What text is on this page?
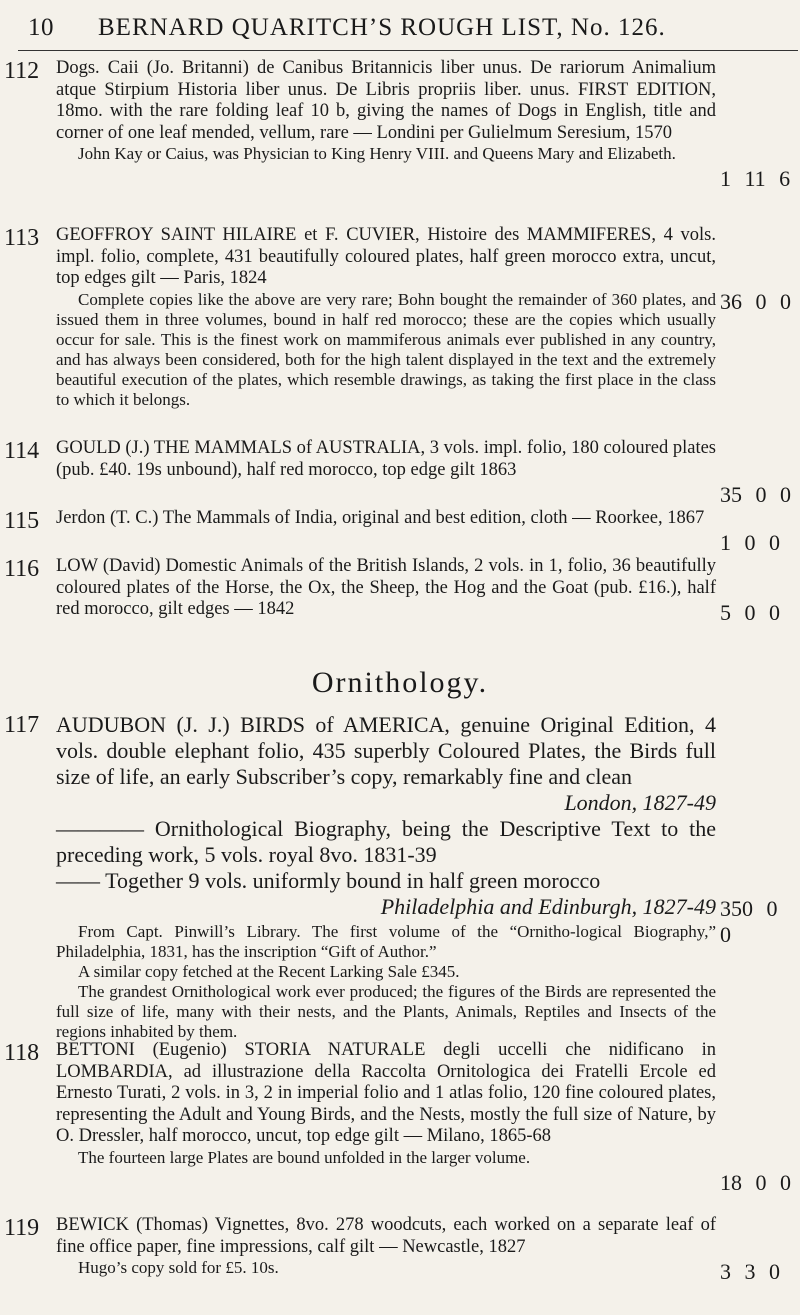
10 BERNARD QUARITCH’S ROUGH LIST, No. 126.
112 Dogs. Caii (Jo. Britanni) de Canibus Britannicis liber unus. De rariorum Animalium atque Stirpium Historia liber unus. De Libris propriis liber. unus. FIRST EDITION, 18mo. with the rare folding leaf 10 b, giving the names of Dogs in English, title and corner of one leaf mended, vellum, rare — Londini per Gulielmum Seresium, 1570
John Kay or Caius, was Physician to King Henry VIII. and Queens Mary and Elizabeth.
1 11 6
113 GEOFFROY SAINT HILAIRE et F. CUVIER, Histoire des MAMMIFERES, 4 vols. impl. folio, complete, 431 beautifully coloured plates, half green morocco extra, uncut, top edges gilt — Paris, 1824
Complete copies like the above are very rare; Bohn bought the remainder of 360 plates, and issued them in three volumes, bound in half red morocco; these are the copies which usually occur for sale. This is the finest work on mammiferous animals ever published in any country, and has always been considered, both for the high talent displayed in the text and the extremely beautiful execution of the plates, which resemble drawings, as taking the first place in the class to which it belongs.
36 0 0
114 GOULD (J.) THE MAMMALS of AUSTRALIA, 3 vols. impl. folio, 180 coloured plates (pub. £40. 19s unbound), half red morocco, top edge gilt 1863
35 0 0
115 Jerdon (T. C.) The Mammals of India, original and best edition, cloth — Roorkee, 1867
1 0 0
116 LOW (David) Domestic Animals of the British Islands, 2 vols. in 1, folio, 36 beautifully coloured plates of the Horse, the Ox, the Sheep, the Hog and the Goat (pub. £16.), half red morocco, gilt edges — 1842	5 0 0
Ornithology.
117 AUDUBON (J. J.) BIRDS of AMERICA, genuine Original Edition, 4 vols. double elephant folio, 435 superbly Coloured Plates, the Birds full size of life, an early Subscriber’s copy, remarkably fine and clean
London, 1827-49
———— Ornithological Biography, being the Descriptive Text to the preceding work, 5 vols. royal 8vo. 1831-39
—— Together 9 vols. uniformly bound in half green morocco
Philadelphia and Edinburgh, 1827-49
From Capt. Pinwill’s Library. The first volume of the “Ornitho-logical Biography,” Philadelphia, 1831, has the inscription “Gift of Author.”
A similar copy fetched at the Recent Larking Sale £345.
The grandest Ornithological work ever produced; the figures of the Birds are represented the full size of life, many with their nests, and the Plants, Animals, Reptiles and Insects of the regions inhabited by them.
350 0 0
118 BETTONI (Eugenio) STORIA NATURALE degli uccelli che nidificano in LOMBARDIA, ad illustrazione della Raccolta Ornitologica dei Fratelli Ercole ed Ernesto Turati, 2 vols. in 3, 2 in imperial folio and 1 atlas folio, 120 fine coloured plates, representing the Adult and Young Birds, and the Nests, mostly the full size of Nature, by O. Dressler, half morocco, uncut, top edge gilt — Milano, 1865-68
The fourteen large Plates are bound unfolded in the larger volume.
18 0 0
119 BEWICK (Thomas) Vignettes, 8vo. 278 woodcuts, each worked on a separate leaf of fine office paper, fine impressions, calf gilt — Newcastle, 1827
Hugo’s copy sold for £5. 10s.	3 3 0
